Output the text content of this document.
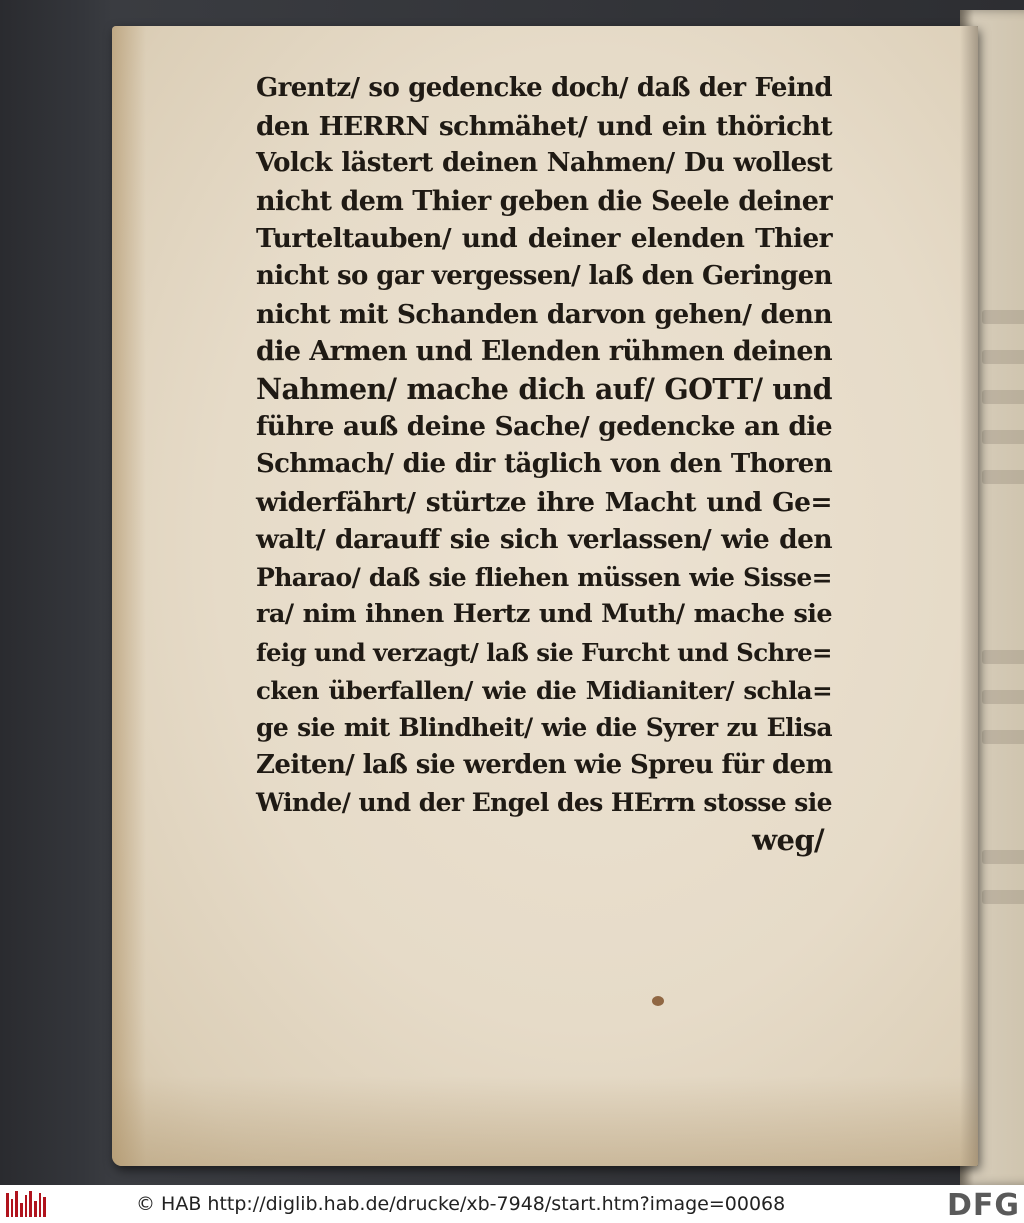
Grentz/ so gedencke doch/ daß der Feind
den HERRN schmähet/ und ein thöricht
Volck lästert deinen Nahmen/ Du wollest
nicht dem Thier geben die Seele deiner
Turteltauben/ und deiner elenden Thier
nicht so gar vergessen/ laß den Geringen
nicht mit Schanden darvon gehen/ denn
die Armen und Elenden rühmen deinen
Nahmen/ mache dich auf/ GOTT/ und
führe auß deine Sache/ gedencke an die
Schmach/ die dir täglich von den Thoren
widerfährt/ stürtze ihre Macht und Ge=
walt/ darauff sie sich verlassen/ wie den
Pharao/ daß sie fliehen müssen wie Sisse=
ra/ nim ihnen Hertz und Muth/ mache sie
feig und verzagt/ laß sie Furcht und Schre=
cken überfallen/ wie die Midianiter/ schla=
ge sie mit Blindheit/ wie die Syrer zu Elisa
Zeiten/ laß sie werden wie Spreu für dem
Winde/ und der Engel des HErrn stosse sie
weg/
© HAB http://diglib.hab.de/drucke/xb-7948/start.htm?image=00068	DFG
